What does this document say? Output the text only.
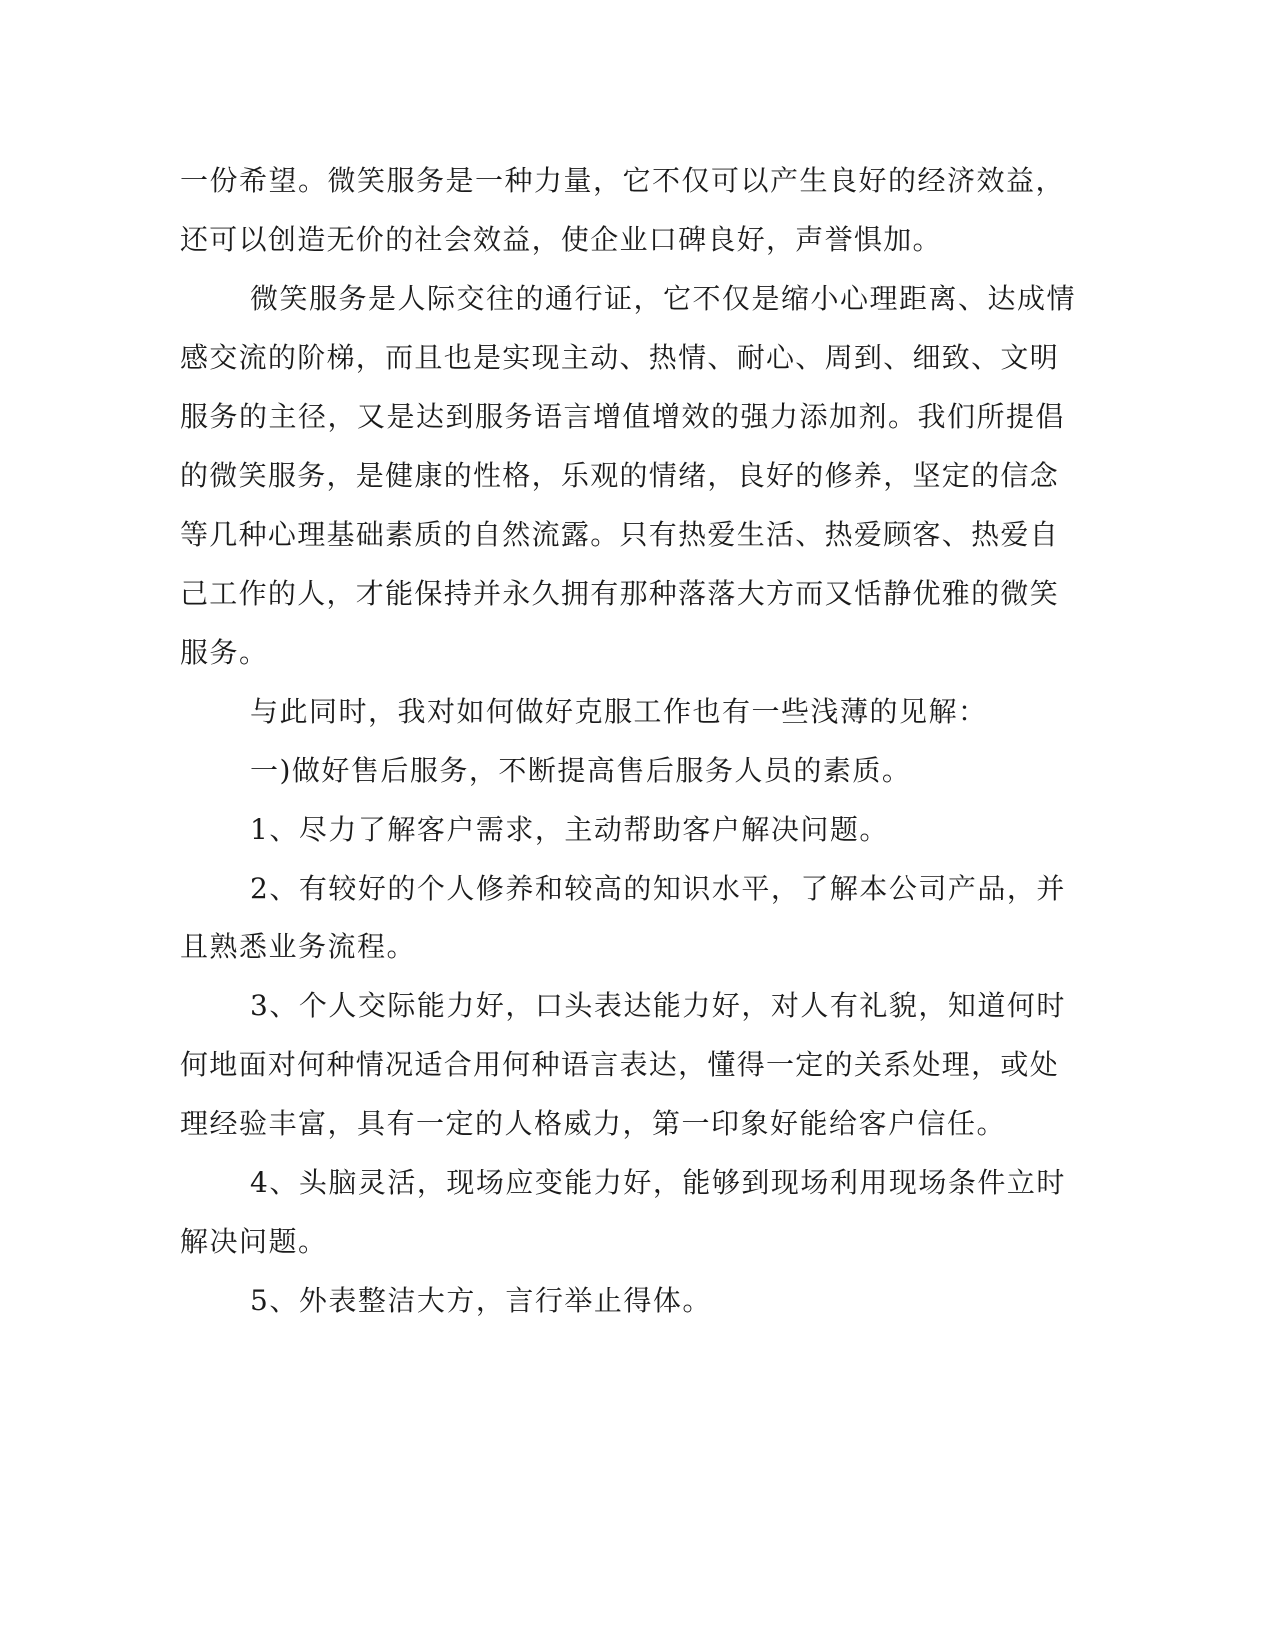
一份希望。微笑服务是一种力量，它不仅可以产生良好的经济效益，
还可以创造无价的社会效益，使企业口碑良好，声誉惧加。
微笑服务是人际交往的通行证，它不仅是缩小心理距离、达成情
感交流的阶梯，而且也是实现主动、热情、耐心、周到、细致、文明
服务的主径，又是达到服务语言增值增效的强力添加剂。我们所提倡
的微笑服务，是健康的性格，乐观的情绪，良好的修养，坚定的信念
等几种心理基础素质的自然流露。只有热爱生活、热爱顾客、热爱自
己工作的人，才能保持并永久拥有那种落落大方而又恬静优雅的微笑
服务。
与此同时，我对如何做好克服工作也有一些浅薄的见解：
一)做好售后服务，不断提高售后服务人员的素质。
1、尽力了解客户需求，主动帮助客户解决问题。
2、有较好的个人修养和较高的知识水平，了解本公司产品，并
且熟悉业务流程。
3、个人交际能力好，口头表达能力好，对人有礼貌，知道何时
何地面对何种情况适合用何种语言表达，懂得一定的关系处理，或处
理经验丰富，具有一定的人格威力，第一印象好能给客户信任。
4、头脑灵活，现场应变能力好，能够到现场利用现场条件立时
解决问题。
5、外表整洁大方，言行举止得体。
